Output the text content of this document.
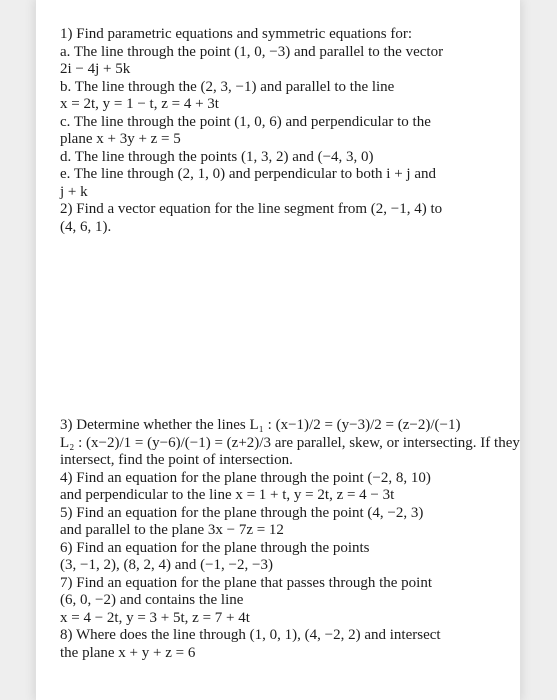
1) Find parametric equations and symmetric equations for:
a. The line through the point (1, 0, −3) and parallel to the vector
2i − 4j + 5k
b. The line through the (2, 3, −1) and parallel to the line
x = 2t, y = 1 − t, z = 4 + 3t
c. The line through the point (1, 0, 6) and perpendicular to the
plane x + 3y + z = 5
d. The line through the points (1, 3, 2) and (−4, 3, 0)
e. The line through (2, 1, 0) and perpendicular to both i + j and
j + k
2) Find a vector equation for the line segment from (2, −1, 4) to
(4, 6, 1).
3) Determine whether the lines L₁ : (x−1)/2 = (y−3)/2 = (z−2)/(−1)
L₂ : (x−2)/1 = (y−6)/(−1) = (z+2)/3 are parallel, skew, or intersecting. If they
intersect, find the point of intersection.
4) Find an equation for the plane through the point (−2, 8, 10)
and perpendicular to the line x = 1 + t, y = 2t, z = 4 − 3t
5) Find an equation for the plane through the point (4, −2, 3)
and parallel to the plane 3x − 7z = 12
6) Find an equation for the plane through the points
(3, −1, 2), (8, 2, 4) and (−1, −2, −3)
7) Find an equation for the plane that passes through the point
(6, 0, −2) and contains the line
x = 4 − 2t, y = 3 + 5t, z = 7 + 4t
8) Where does the line through (1, 0, 1), (4, −2, 2) and intersect
the plane x + y + z = 6
